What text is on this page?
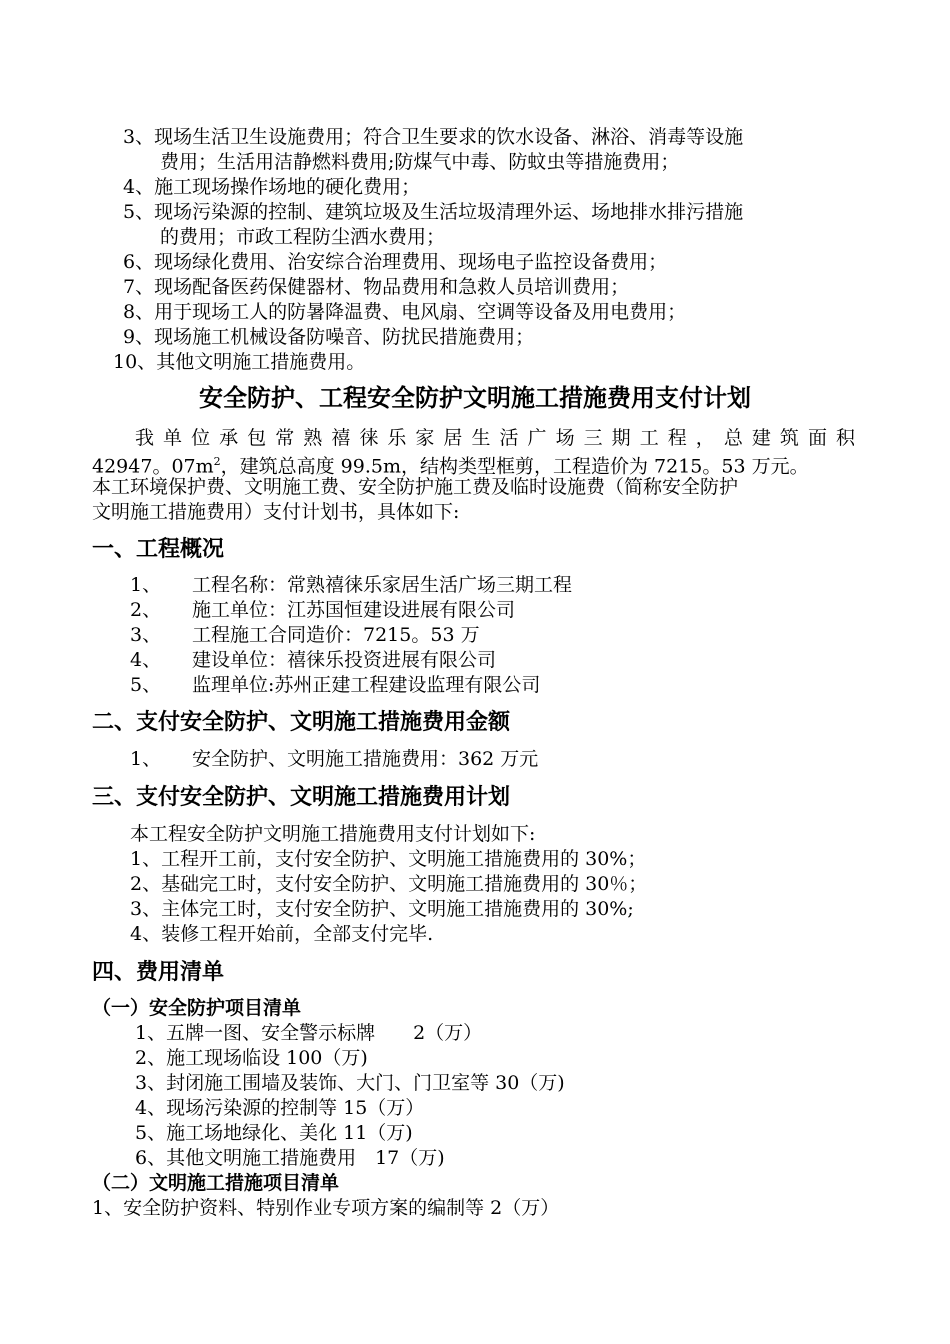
3、现场生活卫生设施费用；符合卫生要求的饮水设备、淋浴、消毒等设施
费用；生活用洁静燃料费用;防煤气中毒、防蚊虫等措施费用；
4、施工现场操作场地的硬化费用；
5、现场污染源的控制、建筑垃圾及生活垃圾清理外运、场地排水排污措施
的费用；市政工程防尘洒水费用；
6、现场绿化费用、治安综合治理费用、现场电子监控设备费用；
7、现场配备医药保健器材、物品费用和急救人员培训费用；
8、用于现场工人的防暑降温费、电风扇、空调等设备及用电费用；
9、现场施工机械设备防噪音、防扰民措施费用；
10、其他文明施工措施费用。
安全防护、工程安全防护文明施工措施费用支付计划
我单位承包常熟禧徕乐家居生活广场三期工程，总建筑面积
42947。$07m^2$，建筑总高度 99.5m，结构类型框剪，工程造价为 7215。53 万元。
本工环境保护费、文明施工费、安全防护施工费及临时设施费（简称安全防护
文明施工措施费用）支付计划书，具体如下:
一、工程概况
1、 工程名称：常熟禧徕乐家居生活广场三期工程
2、 施工单位：江苏国恒建设进展有限公司
3、 工程施工合同造价：7215。53 万
4、 建设单位：禧徕乐投资进展有限公司
5、 监理单位:苏州正建工程建设监理有限公司
二、支付安全防护、文明施工措施费用金额
1、 安全防护、文明施工措施费用：362 万元
三、支付安全防护、文明施工措施费用计划
本工程安全防护文明施工措施费用支付计划如下:
1、工程开工前，支付安全防护、文明施工措施费用的 30%；
2、基础完工时，支付安全防护、文明施工措施费用的 30％；
3、主体完工时，支付安全防护、文明施工措施费用的 30%;
4、装修工程开始前，全部支付完毕.
四、费用清单
（一）安全防护项目清单
1、五牌一图、安全警示标牌　　2（万）
2、施工现场临设 100（万)
3、封闭施工围墙及装饰、大门、门卫室等 30（万)
4、现场污染源的控制等 15（万）
5、施工场地绿化、美化 11（万)
6、其他文明施工措施费用　17（万)
（二）文明施工措施项目清单
1、安全防护资料、特别作业专项方案的编制等 2（万）
